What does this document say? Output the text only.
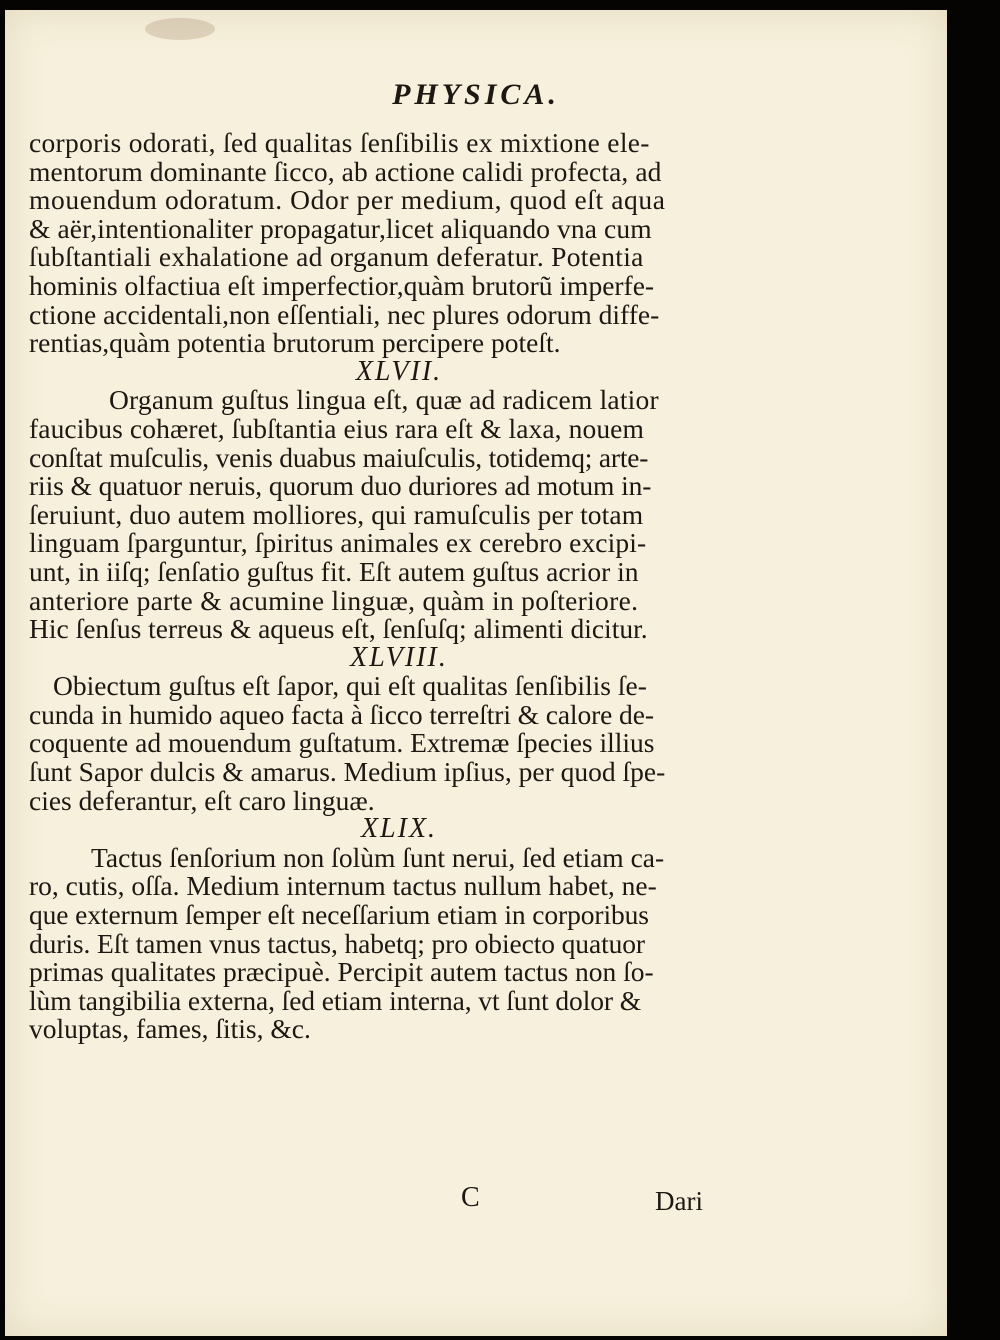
PHYSICA.
corporis odorati, ſed qualitas ſenſibilis ex mixtione ele-
mentorum dominante ſicco, ab actione calidi profecta, ad
mouendum odoratum. Odor per medium, quod eſt aqua
& aër,intentionaliter propagatur,licet aliquando vna cum
ſubſtantiali exhalatione ad organum deferatur. Potentia
hominis olfactiua eſt imperfectior,quàm brutorũ imperfe-
ctione accidentali,non eſſentiali, nec plures odorum diffe-
rentias,quàm potentia brutorum percipere poteſt.
XLVII.
Organum guſtus lingua eſt, quæ ad radicem latior
faucibus cohæret, ſubſtantia eius rara eſt & laxa, nouem
conſtat muſculis, venis duabus maiuſculis, totidemq; arte-
riis & quatuor neruis, quorum duo duriores ad motum in-
ſeruiunt, duo autem molliores, qui ramuſculis per totam
linguam ſparguntur, ſpiritus animales ex cerebro excipi-
unt, in iiſq; ſenſatio guſtus fit. Eſt autem guſtus acrior in
anteriore parte & acumine linguæ, quàm in poſteriore.
Hic ſenſus terreus & aqueus eſt, ſenſuſq; alimenti dicitur.
XLVIII.
Obiectum guſtus eſt ſapor, qui eſt qualitas ſenſibilis ſe-
cunda in humido aqueo facta à ſicco terreſtri & calore de-
coquente ad mouendum guſtatum. Extremæ ſpecies illius
ſunt Sapor dulcis & amarus. Medium ipſius, per quod ſpe-
cies deferantur, eſt caro linguæ.
XLIX.
Tactus ſenſorium non ſolùm ſunt nerui, ſed etiam ca-
ro, cutis, oſſa. Medium internum tactus nullum habet, ne-
que externum ſemper eſt neceſſarium etiam in corporibus
duris. Eſt tamen vnus tactus, habetq; pro obiecto quatuor
primas qualitates præcipuè. Percipit autem tactus non ſo-
lùm tangibilia externa, ſed etiam interna, vt ſunt dolor &
voluptas, fames, ſitis, &c.
C	Dari
